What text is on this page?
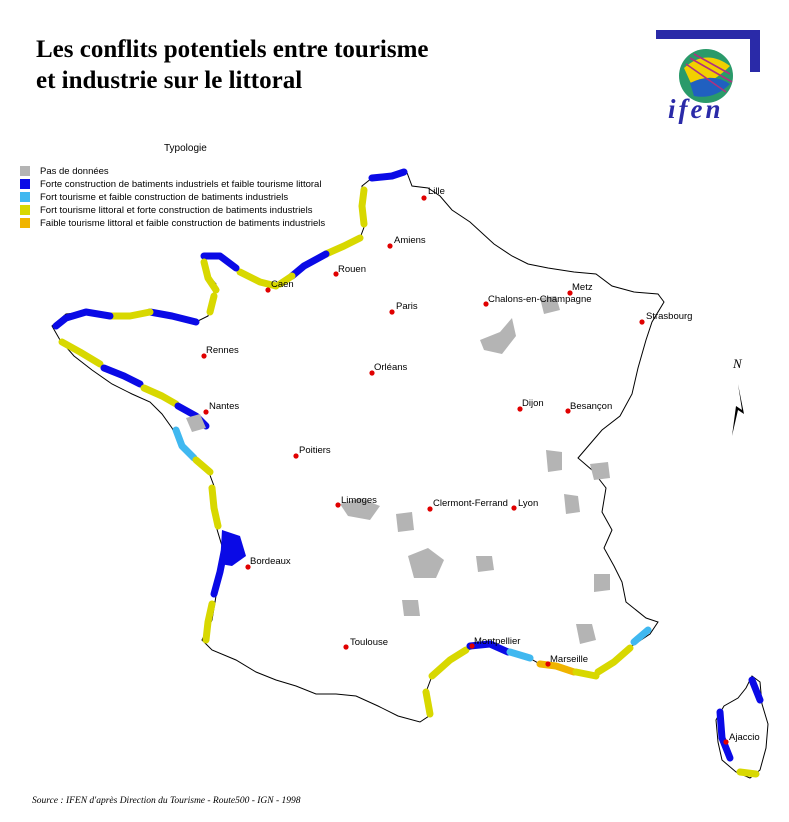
Les conflits potentiels entre tourisme
et industrie sur le littoral
ifen
Typologie
Pas de données
Forte construction de batiments industriels et faible tourisme littoral
Fort tourisme et faible construction de batiments industriels
Fort tourisme littoral et forte construction de batiments industriels
Faible tourisme littoral et faible construction de batiments industriels
Lille
Amiens
Rouen
Caen	Metz
Chalons-en-Champagne
Paris
Strasbourg
Rennes
Orléans
Nantes	Dijon	Besançon
Poitiers
Limoges	Clermont-Ferrand Lyon
Bordeaux
Toulouse	Montpellier
Marseille
Ajaccio
N
Source : IFEN d'après Direction du Tourisme - Route500 - IGN - 1998
